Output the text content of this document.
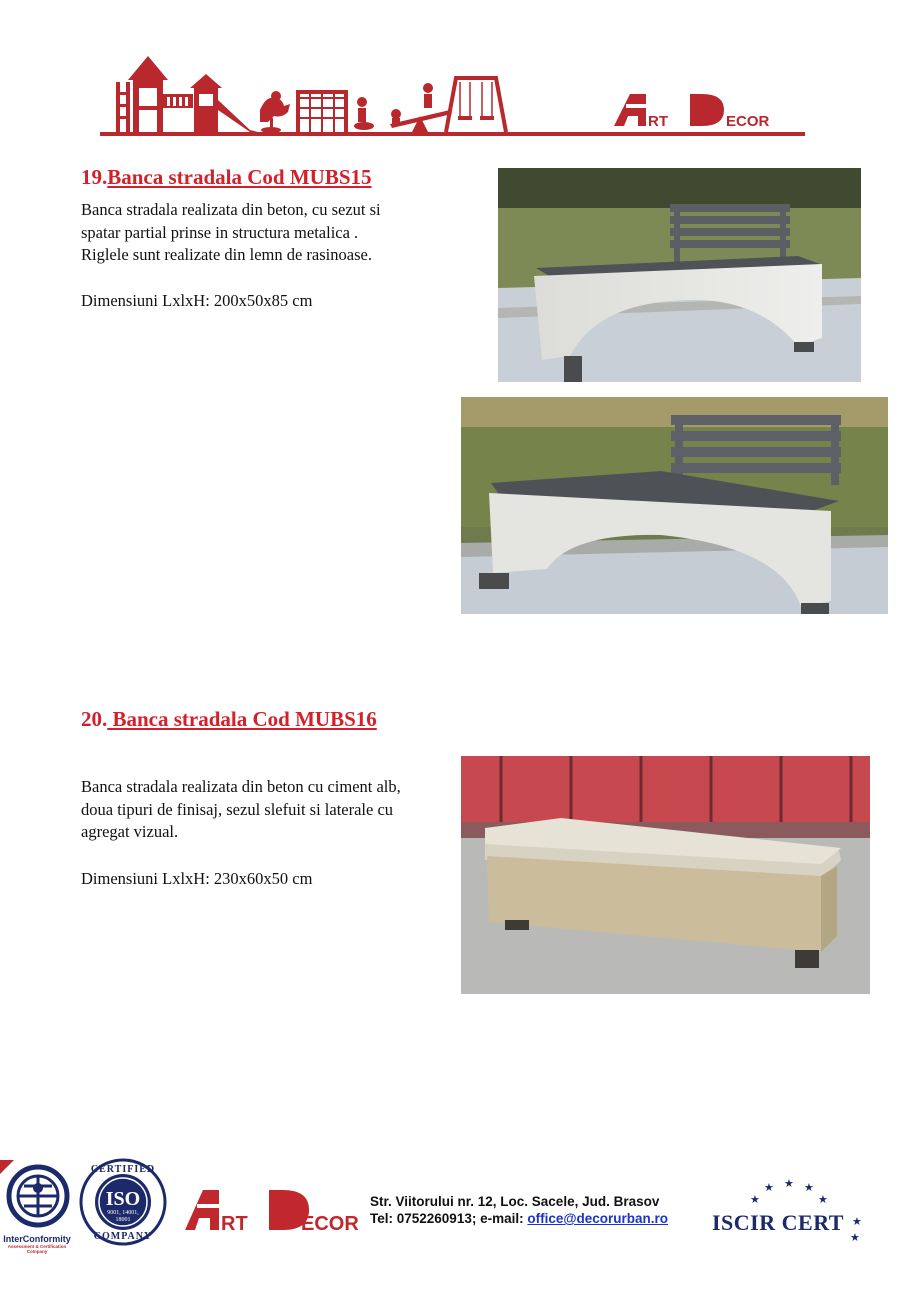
RT	ECOR
19.Banca stradala Cod MUBS15
Banca stradala realizata din beton, cu sezut si
spatar partial prinse in structura metalica .
Riglele sunt realizate din lemn de rasinoase.
Dimensiuni LxlxH: 200x50x85 cm
20. Banca stradala Cod MUBS16
Banca stradala realizata din beton cu ciment alb,
doua tipuri de finisaj, sezul slefuit si laterale cu
agregat vizual.
Dimensiuni LxlxH: 230x60x50 cm
InterConformity
Assessment & Certification Company
CERTIFIED
ISO
9001, 14001, 18001
COMPANY
RT	ECOR
Str. Viitorului nr. 12, Loc. Sacele, Jud. Brasov
Tel: 0752260913; e-mail: office@decorurban.ro
★ ★
★
★
★
★
★
ISCIR CERT
